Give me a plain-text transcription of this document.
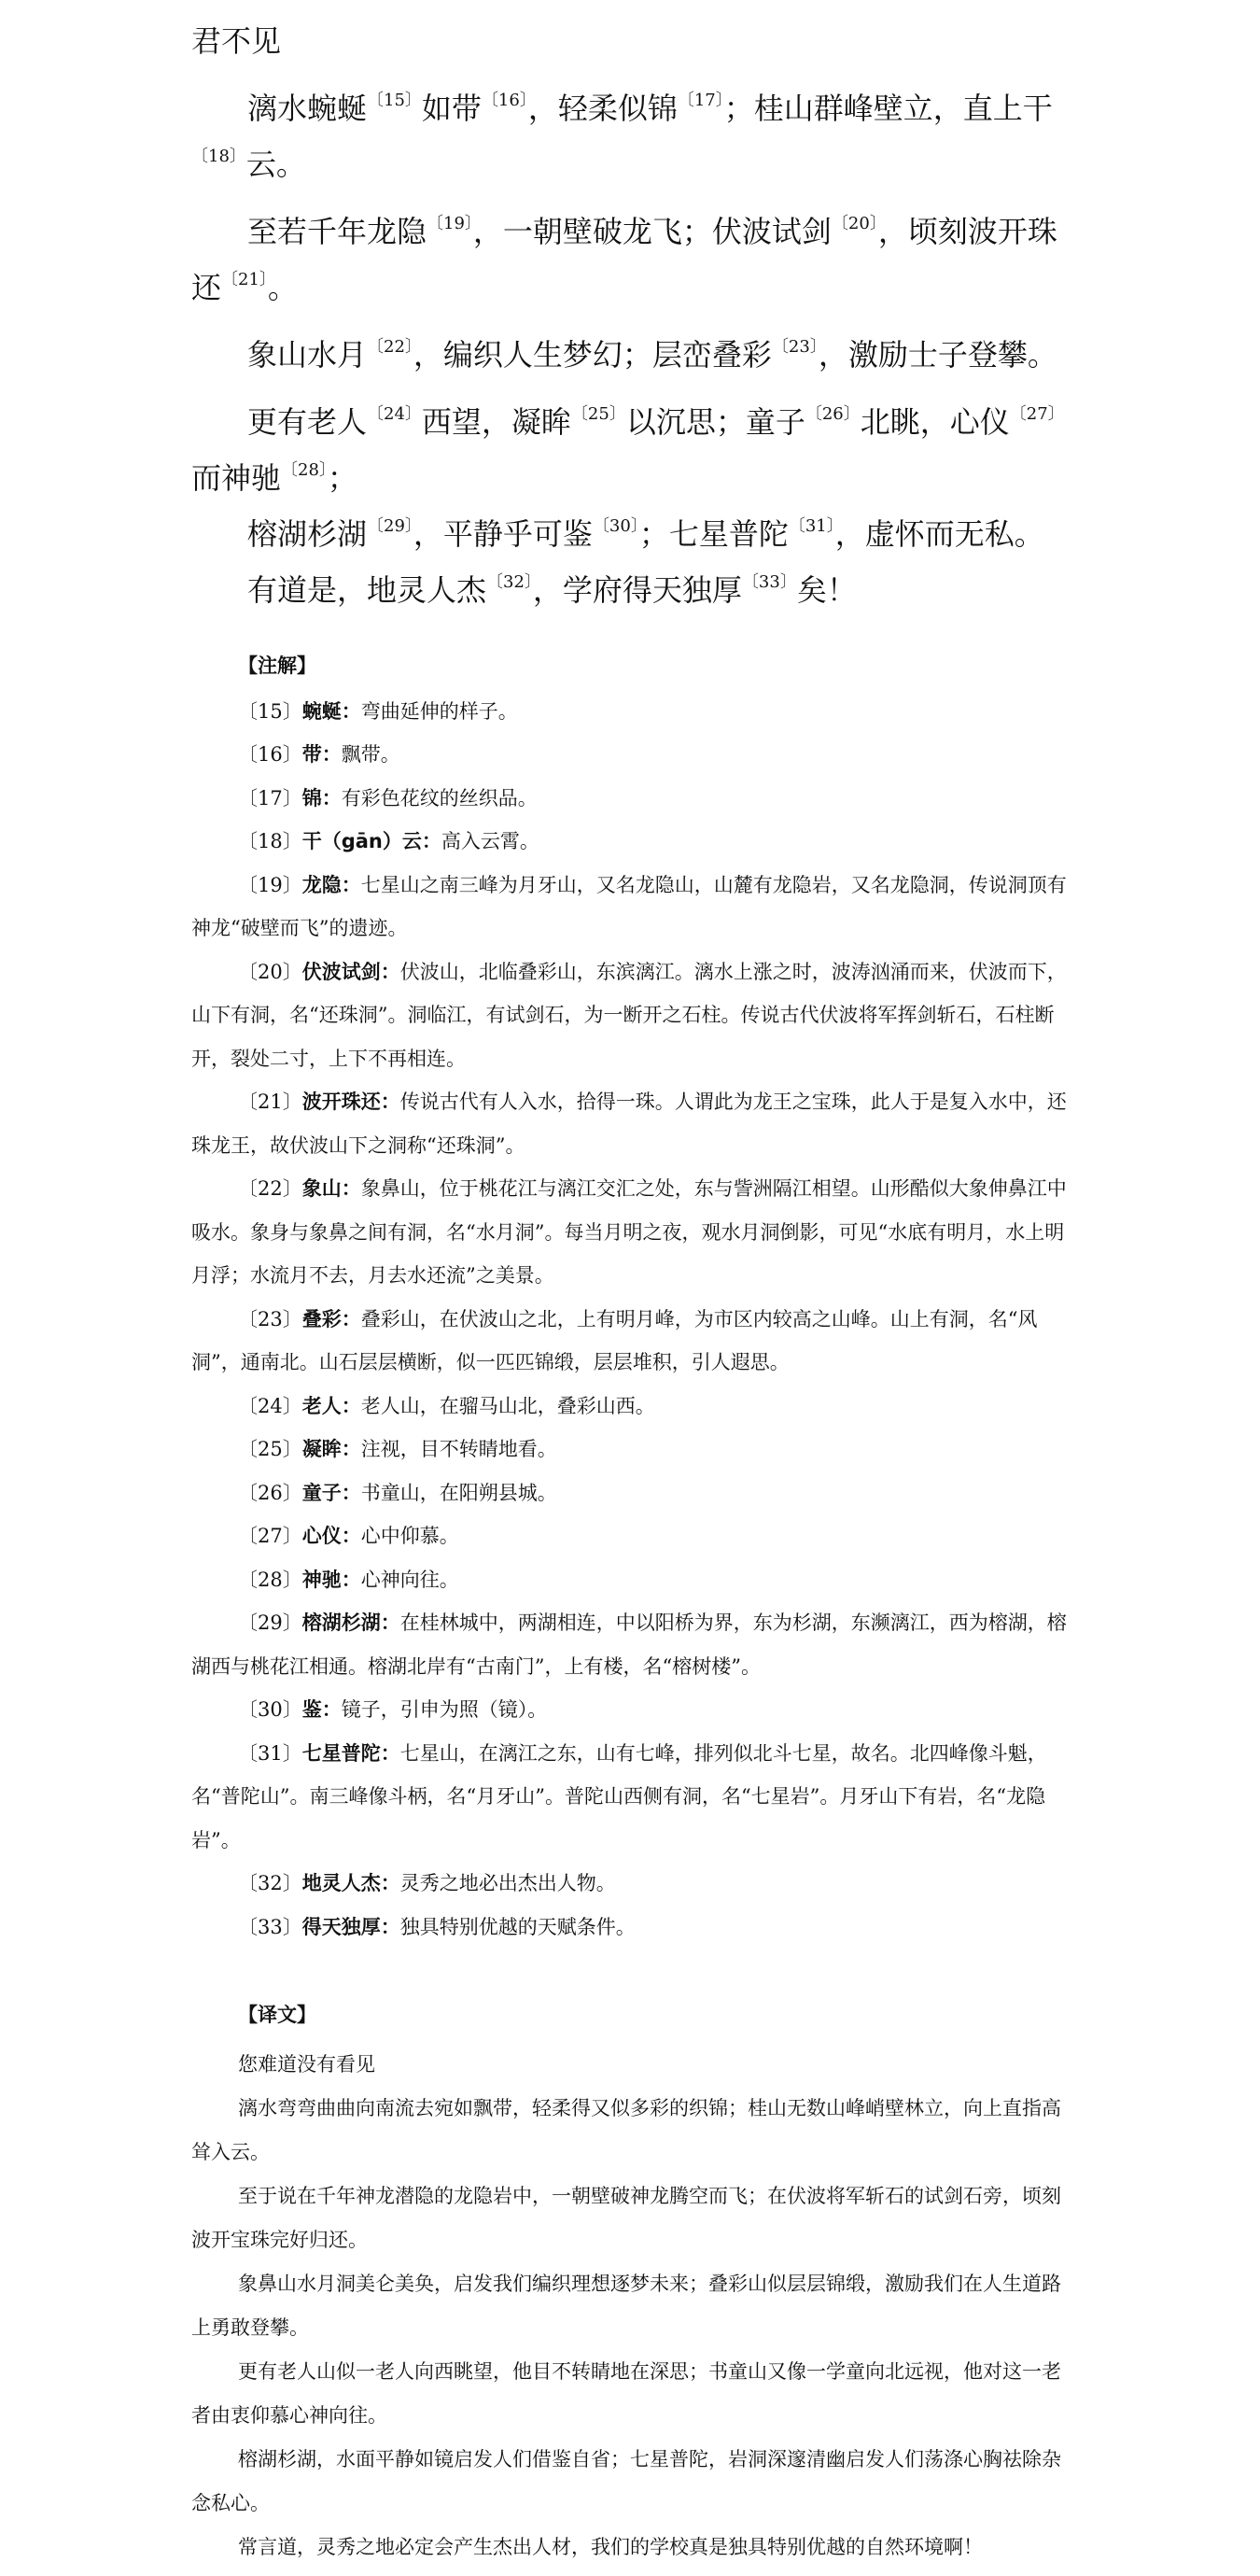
君不见

漓水蜿蜒$^{〔15〕}$如带$^{〔16〕}$，轻柔似锦$^{〔17〕}$；桂山群峰壁立，直上干$^{〔18〕}$云。

至若千年龙隐$^{〔19〕}$，一朝壁破龙飞；伏波试剑$^{〔20〕}$，顷刻波开珠还$^{〔21〕}$。

象山水月$^{〔22〕}$，编织人生梦幻；层峦叠彩$^{〔23〕}$，激励士子登攀。

更有老人$^{〔24〕}$西望，凝眸$^{〔25〕}$以沉思；童子$^{〔26〕}$北眺，心仪$^{〔27〕}$而神驰$^{〔28〕}$；

榕湖杉湖$^{〔29〕}$，平静乎可鉴$^{〔30〕}$；七星普陀$^{〔31〕}$，虚怀而无私。

有道是，地灵人杰$^{〔32〕}$，学府得天独厚$^{〔33〕}$矣！

【注解】

〔15〕蜿蜒：弯曲延伸的样子。

〔16〕带：飘带。

〔17〕锦：有彩色花纹的丝织品。

〔18〕干（gān）云：高入云霄。

〔19〕龙隐：七星山之南三峰为月牙山，又名龙隐山，山麓有龙隐岩，又名龙隐洞，传说洞顶有神龙“破壁而飞”的遗迹。

〔20〕伏波试剑：伏波山，北临叠彩山，东滨漓江。漓水上涨之时，波涛汹涌而来，伏波而下，山下有洞，名“还珠洞”。洞临江，有试剑石，为一断开之石柱。传说古代伏波将军挥剑斩石，石柱断开，裂处二寸，上下不再相连。

〔21〕波开珠还：传说古代有人入水，拾得一珠。人谓此为龙王之宝珠，此人于是复入水中，还珠龙王，故伏波山下之洞称“还珠洞”。

〔22〕象山：象鼻山，位于桃花江与漓江交汇之处，东与訾洲隔江相望。山形酷似大象伸鼻江中吸水。象身与象鼻之间有洞，名“水月洞”。每当月明之夜，观水月洞倒影，可见“水底有明月，水上明月浮；水流月不去，月去水还流”之美景。

〔23〕叠彩：叠彩山，在伏波山之北，上有明月峰，为市区内较高之山峰。山上有洞，名“风洞”，通南北。山石层层横断，似一匹匹锦缎，层层堆积，引人遐思。

〔24〕老人：老人山，在骝马山北，叠彩山西。

〔25〕凝眸：注视，目不转睛地看。

〔26〕童子：书童山，在阳朔县城。

〔27〕心仪：心中仰慕。

〔28〕神驰：心神向往。

〔29〕榕湖杉湖：在桂林城中，两湖相连，中以阳桥为界，东为杉湖，东濒漓江，西为榕湖，榕湖西与桃花江相通。榕湖北岸有“古南门”，上有楼，名“榕树楼”。

〔30〕鉴：镜子，引申为照（镜）。

〔31〕七星普陀：七星山，在漓江之东，山有七峰，排列似北斗七星，故名。北四峰像斗魁，名“普陀山”。南三峰像斗柄，名“月牙山”。普陀山西侧有洞，名“七星岩”。月牙山下有岩，名“龙隐岩”。

〔32〕地灵人杰：灵秀之地必出杰出人物。

〔33〕得天独厚：独具特别优越的天赋条件。

【译文】

您难道没有看见

漓水弯弯曲曲向南流去宛如飘带，轻柔得又似多彩的织锦；桂山无数山峰峭壁林立，向上直指高耸入云。

至于说在千年神龙潜隐的龙隐岩中，一朝壁破神龙腾空而飞；在伏波将军斩石的试剑石旁，顷刻波开宝珠完好归还。

象鼻山水月洞美仑美奂，启发我们编织理想逐梦未来；叠彩山似层层锦缎，激励我们在人生道路上勇敢登攀。

更有老人山似一老人向西眺望，他目不转睛地在深思；书童山又像一学童向北远视，他对这一老者由衷仰慕心神向往。

榕湖杉湖，水面平静如镜启发人们借鉴自省；七星普陀，岩洞深邃清幽启发人们荡涤心胸祛除杂念私心。

常言道，灵秀之地必定会产生杰出人材，我们的学校真是独具特别优越的自然环境啊！
